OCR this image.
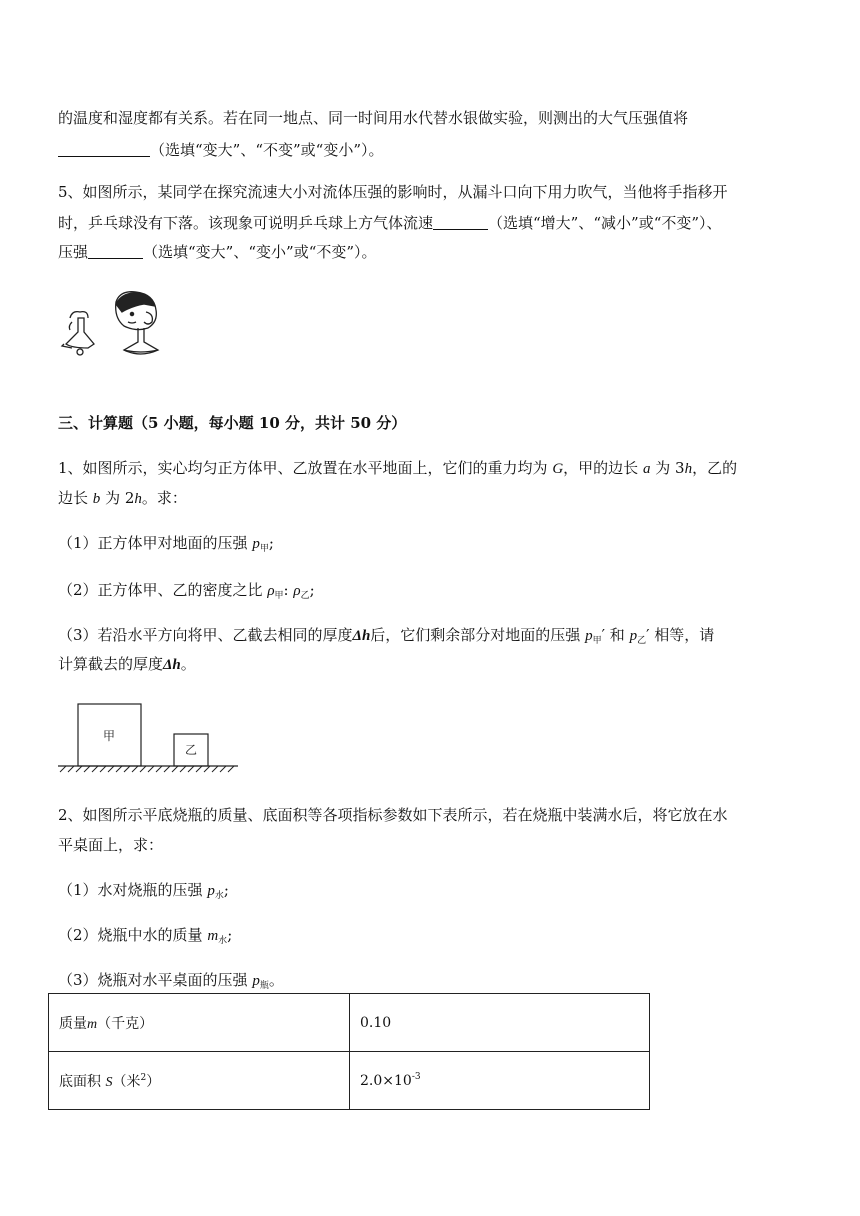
的温度和湿度都有关系。若在同一地点、同一时间用水代替水银做实验，则测出的大气压强值将
（选填“变大”、“不变”或“变小”）。
5、如图所示，某同学在探究流速大小对流体压强的影响时，从漏斗口向下用力吹气，当他将手指移开
时，乒乓球没有下落。该现象可说明乒乓球上方气体流速	（选填“增大”、“减小”或“不变”）、
压强	（选填“变大”、“变小”或“不变”）。
三、计算题（5 小题，每小题 10 分，共计 50 分）
1、如图所示，实心均匀正方体甲、乙放置在水平地面上，它们的重力均为 G，甲的边长 a 为 3h，乙的
边长 b 为 2h。求：
（1）正方体甲对地面的压强 $p_甲$;
（2）正方体甲、乙的密度之比 $\rho_甲$: $\rho_乙$;
（3）若沿水平方向将甲、乙截去相同的厚度Δh后，它们剩余部分对地面的压强 $p_甲'$ 和 $p_乙'$ 相等，请
计算截去的厚度Δh。
甲
乙
2、如图所示平底烧瓶的质量、底面积等各项指标参数如下表所示，若在烧瓶中装满水后，将它放在水
平桌面上，求：
（1）水对烧瓶的压强 $p_水$;
（2）烧瓶中水的质量 $m_水$;
（3）烧瓶对水平桌面的压强 $p_瓶$。
质量m（千克）	0.10
底面积 S（米$^2$）	$2.0\times 10^{-3}$
